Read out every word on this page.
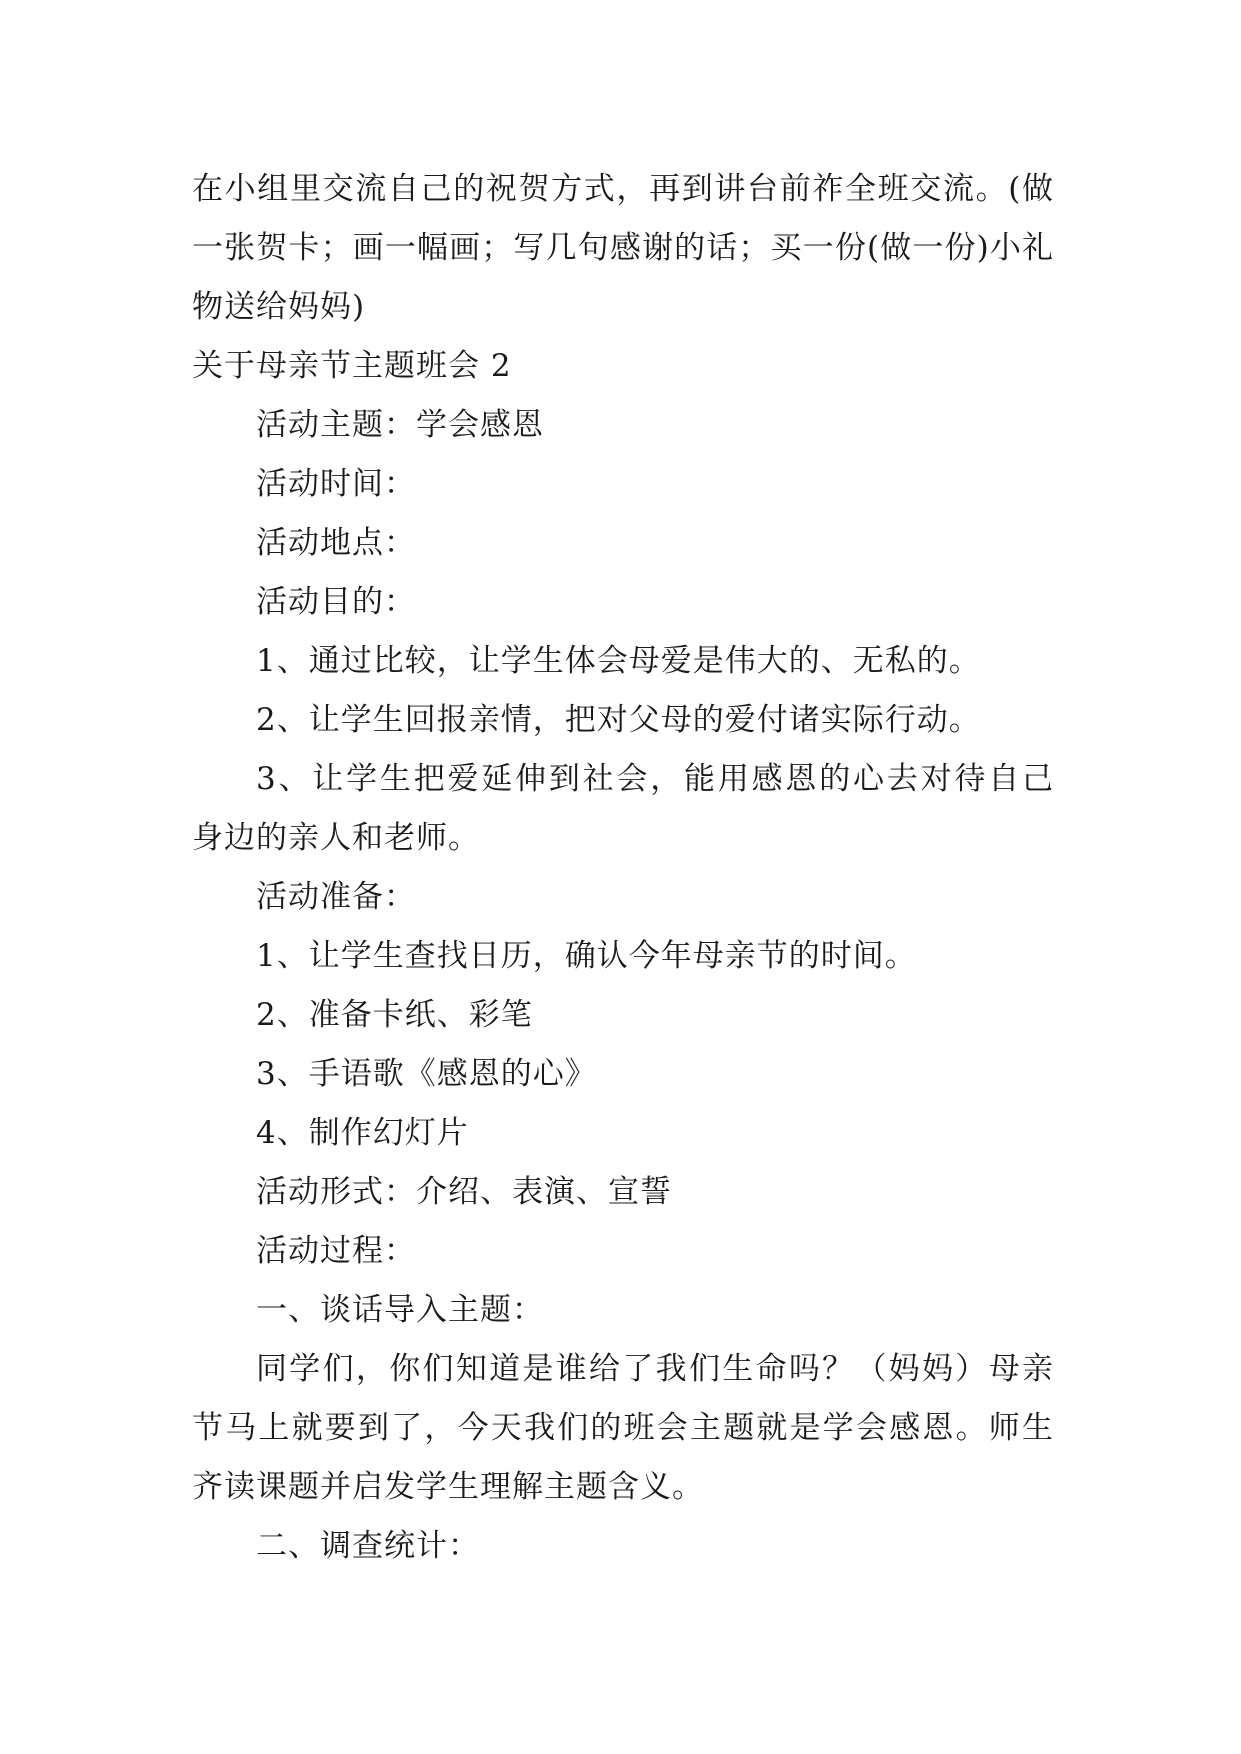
在小组里交流自己的祝贺方式，再到讲台前祚全班交流。(做
一张贺卡；画一幅画；写几句感谢的话；买一份(做一份)小礼
物送给妈妈)
关于母亲节主题班会 2
活动主题：学会感恩
活动时间：
活动地点：
活动目的：
1、通过比较，让学生体会母爱是伟大的、无私的。
2、让学生回报亲情，把对父母的爱付诸实际行动。
3、让学生把爱延伸到社会，能用感恩的心去对待自己
身边的亲人和老师。
活动准备：
1、让学生查找日历，确认今年母亲节的时间。
2、准备卡纸、彩笔
3、手语歌《感恩的心》
4、制作幻灯片
活动形式：介绍、表演、宣誓
活动过程：
一、谈话导入主题：
同学们，你们知道是谁给了我们生命吗？（妈妈）母亲
节马上就要到了，今天我们的班会主题就是学会感恩。师生
齐读课题并启发学生理解主题含义。
二、调查统计：
